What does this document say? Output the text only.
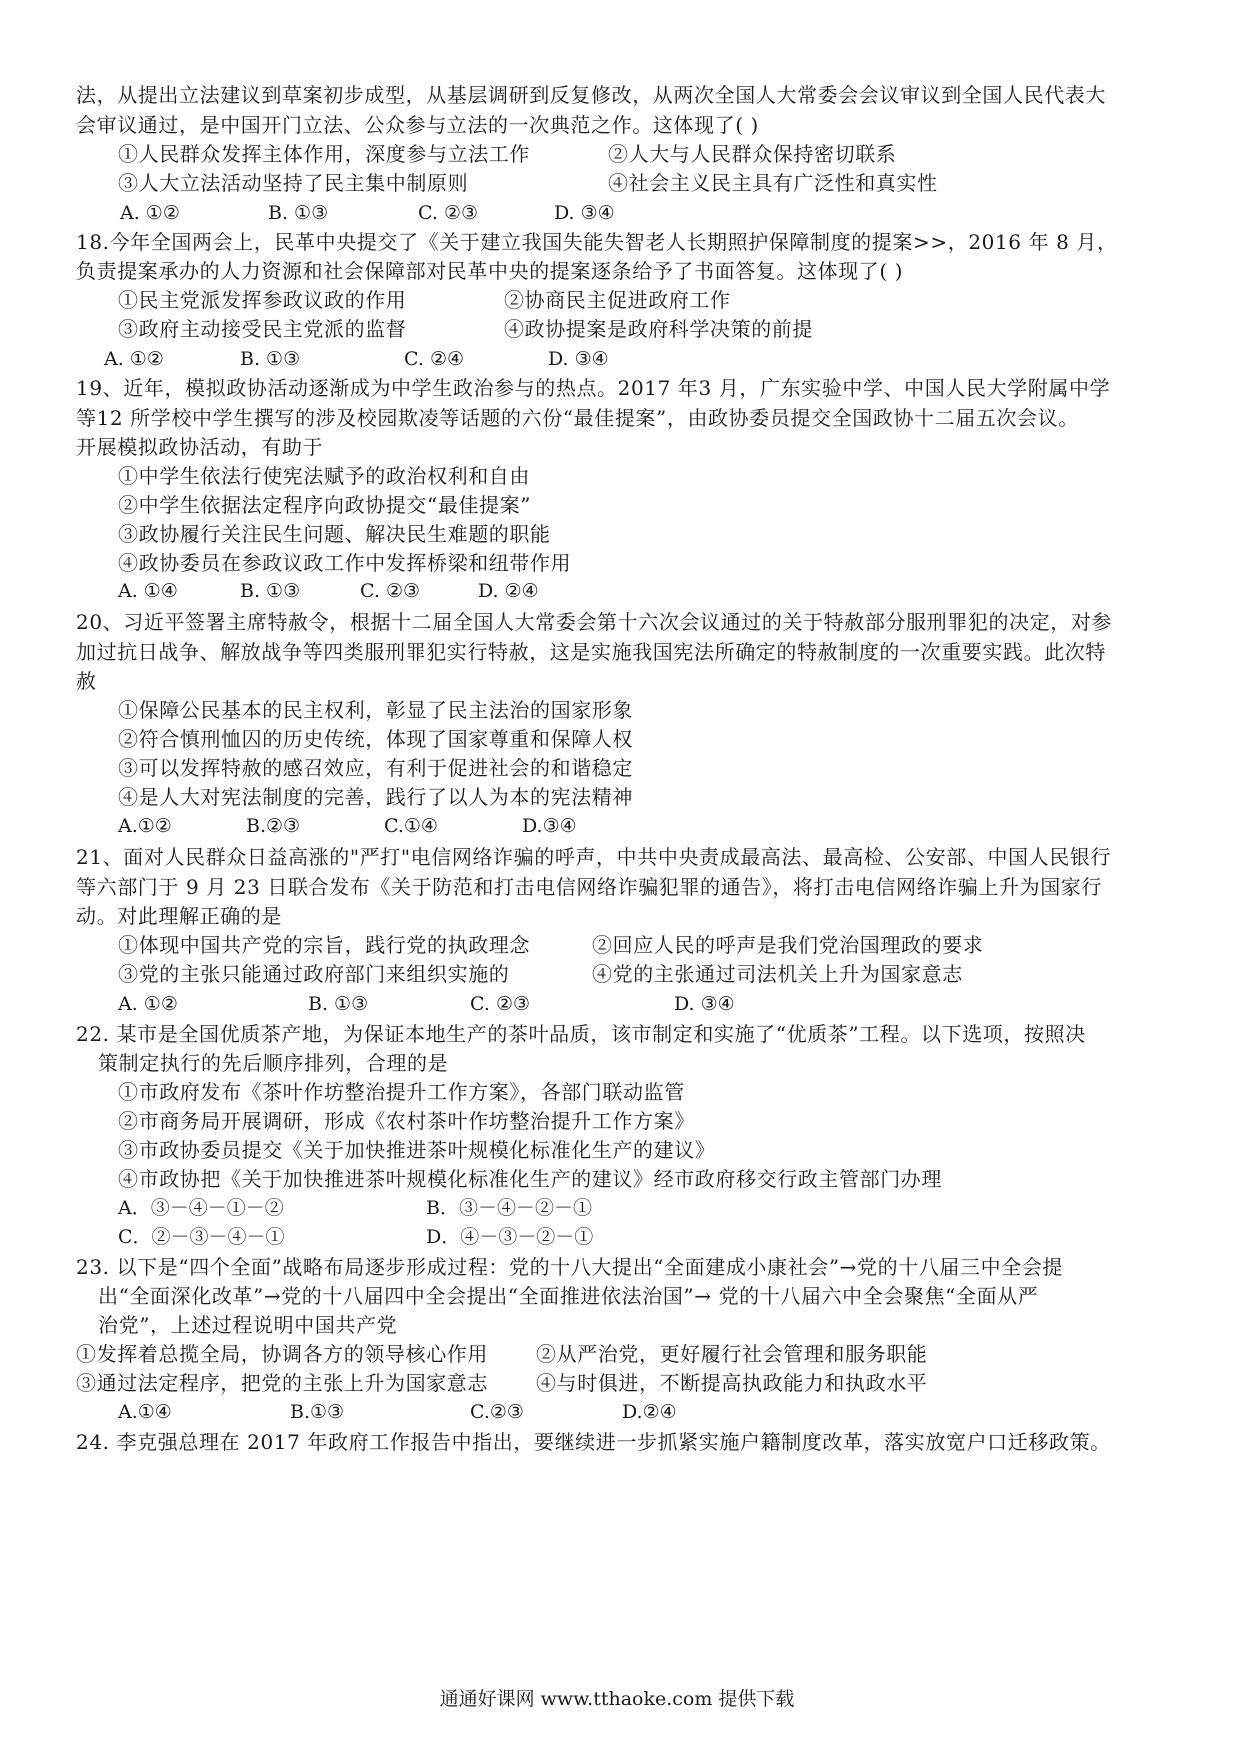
法，从提出立法建议到草案初步成型，从基层调研到反复修改，从两次全国人大常委会会议审议到全国人民代表大
会审议通过，是中国开门立法、公众参与立法的一次典范之作。这体现了( )
①人民群众发挥主体作用，深度参与立法工作	②人大与人民群众保持密切联系
③人大立法活动坚持了民主集中制原则	④社会主义民主具有广泛性和真实性
A. ①②	B. ①③	C. ②③	D. ③④
18.今年全国两会上，民革中央提交了《关于建立我国失能失智老人长期照护保障制度的提案>>，2016 年 8 月，
负责提案承办的人力资源和社会保障部对民革中央的提案逐条给予了书面答复。这体现了( )
①民主党派发挥参政议政的作用	②协商民主促进政府工作
③政府主动接受民主党派的监督	④政协提案是政府科学决策的前提
A. ①②	B. ①③	C. ②④	D. ③④
19、近年，模拟政协活动逐渐成为中学生政治参与的热点。2017 年3 月，广东实验中学、中国人民大学附属中学
等12 所学校中学生撰写的涉及校园欺凌等话题的六份“最佳提案”，由政协委员提交全国政协十二届五次会议。
开展模拟政协活动，有助于
①中学生依法行使宪法赋予的政治权利和自由
②中学生依据法定程序向政协提交“最佳提案”
③政协履行关注民生问题、解决民生难题的职能
④政协委员在参政议政工作中发挥桥梁和纽带作用
A. ①④	B. ①③	C. ②③	D. ②④
20、习近平签署主席特赦令，根据十二届全国人大常委会第十六次会议通过的关于特赦部分服刑罪犯的决定，对参
加过抗日战争、解放战争等四类服刑罪犯实行特赦，这是实施我国宪法所确定的特赦制度的一次重要实践。此次特
赦
①保障公民基本的民主权利，彰显了民主法治的国家形象
②符合慎刑恤囚的历史传统，体现了国家尊重和保障人权
③可以发挥特赦的感召效应，有利于促进社会的和谐稳定
④是人大对宪法制度的完善，践行了以人为本的宪法精神
A.①②	B.②③	C.①④	D.③④
21、面对人民群众日益高涨的"严打"电信网络诈骗的呼声，中共中央责成最高法、最高检、公安部、中国人民银行
等六部门于 9 月 23 日联合发布《关于防范和打击电信网络诈骗犯罪的通告》，将打击电信网络诈骗上升为国家行
动。对此理解正确的是
①体现中国共产党的宗旨，践行党的执政理念	②回应人民的呼声是我们党治国理政的要求
③党的主张只能通过政府部门来组织实施的	④党的主张通过司法机关上升为国家意志
A. ①②	B. ①③	C. ②③	D. ③④
22. 某市是全国优质茶产地，为保证本地生产的茶叶品质，该市制定和实施了“优质茶”工程。以下选项，按照决
策制定执行的先后顺序排列，合理的是
①市政府发布《茶叶作坊整治提升工作方案》，各部门联动监管
②市商务局开展调研，形成《农村茶叶作坊整治提升工作方案》
③市政协委员提交《关于加快推进茶叶规模化标准化生产的建议》
④市政协把《关于加快推进茶叶规模化标准化生产的建议》经市政府移交行政主管部门办理
A．③－④－①－②	B．③－④－②－①
C．②－③－④－①	D．④－③－②－①
23. 以下是“四个全面”战略布局逐步形成过程：党的十八大提出“全面建成小康社会”→党的十八届三中全会提
出“全面深化改革”→党的十八届四中全会提出“全面推进依法治国”→ 党的十八届六中全会聚焦“全面从严
治党”，上述过程说明中国共产党
①发挥着总揽全局，协调各方的领导核心作用 ②从严治党，更好履行社会管理和服务职能
③通过法定程序，把党的主张上升为国家意志 ④与时俱进，不断提高执政能力和执政水平
A.①④	B.①③	C.②③	D.②④
24. 李克强总理在 2017 年政府工作报告中指出，要继续进一步抓紧实施户籍制度改革，落实放宽户口迁移政策。
通通好课网 www.tthaoke.com 提供下载
